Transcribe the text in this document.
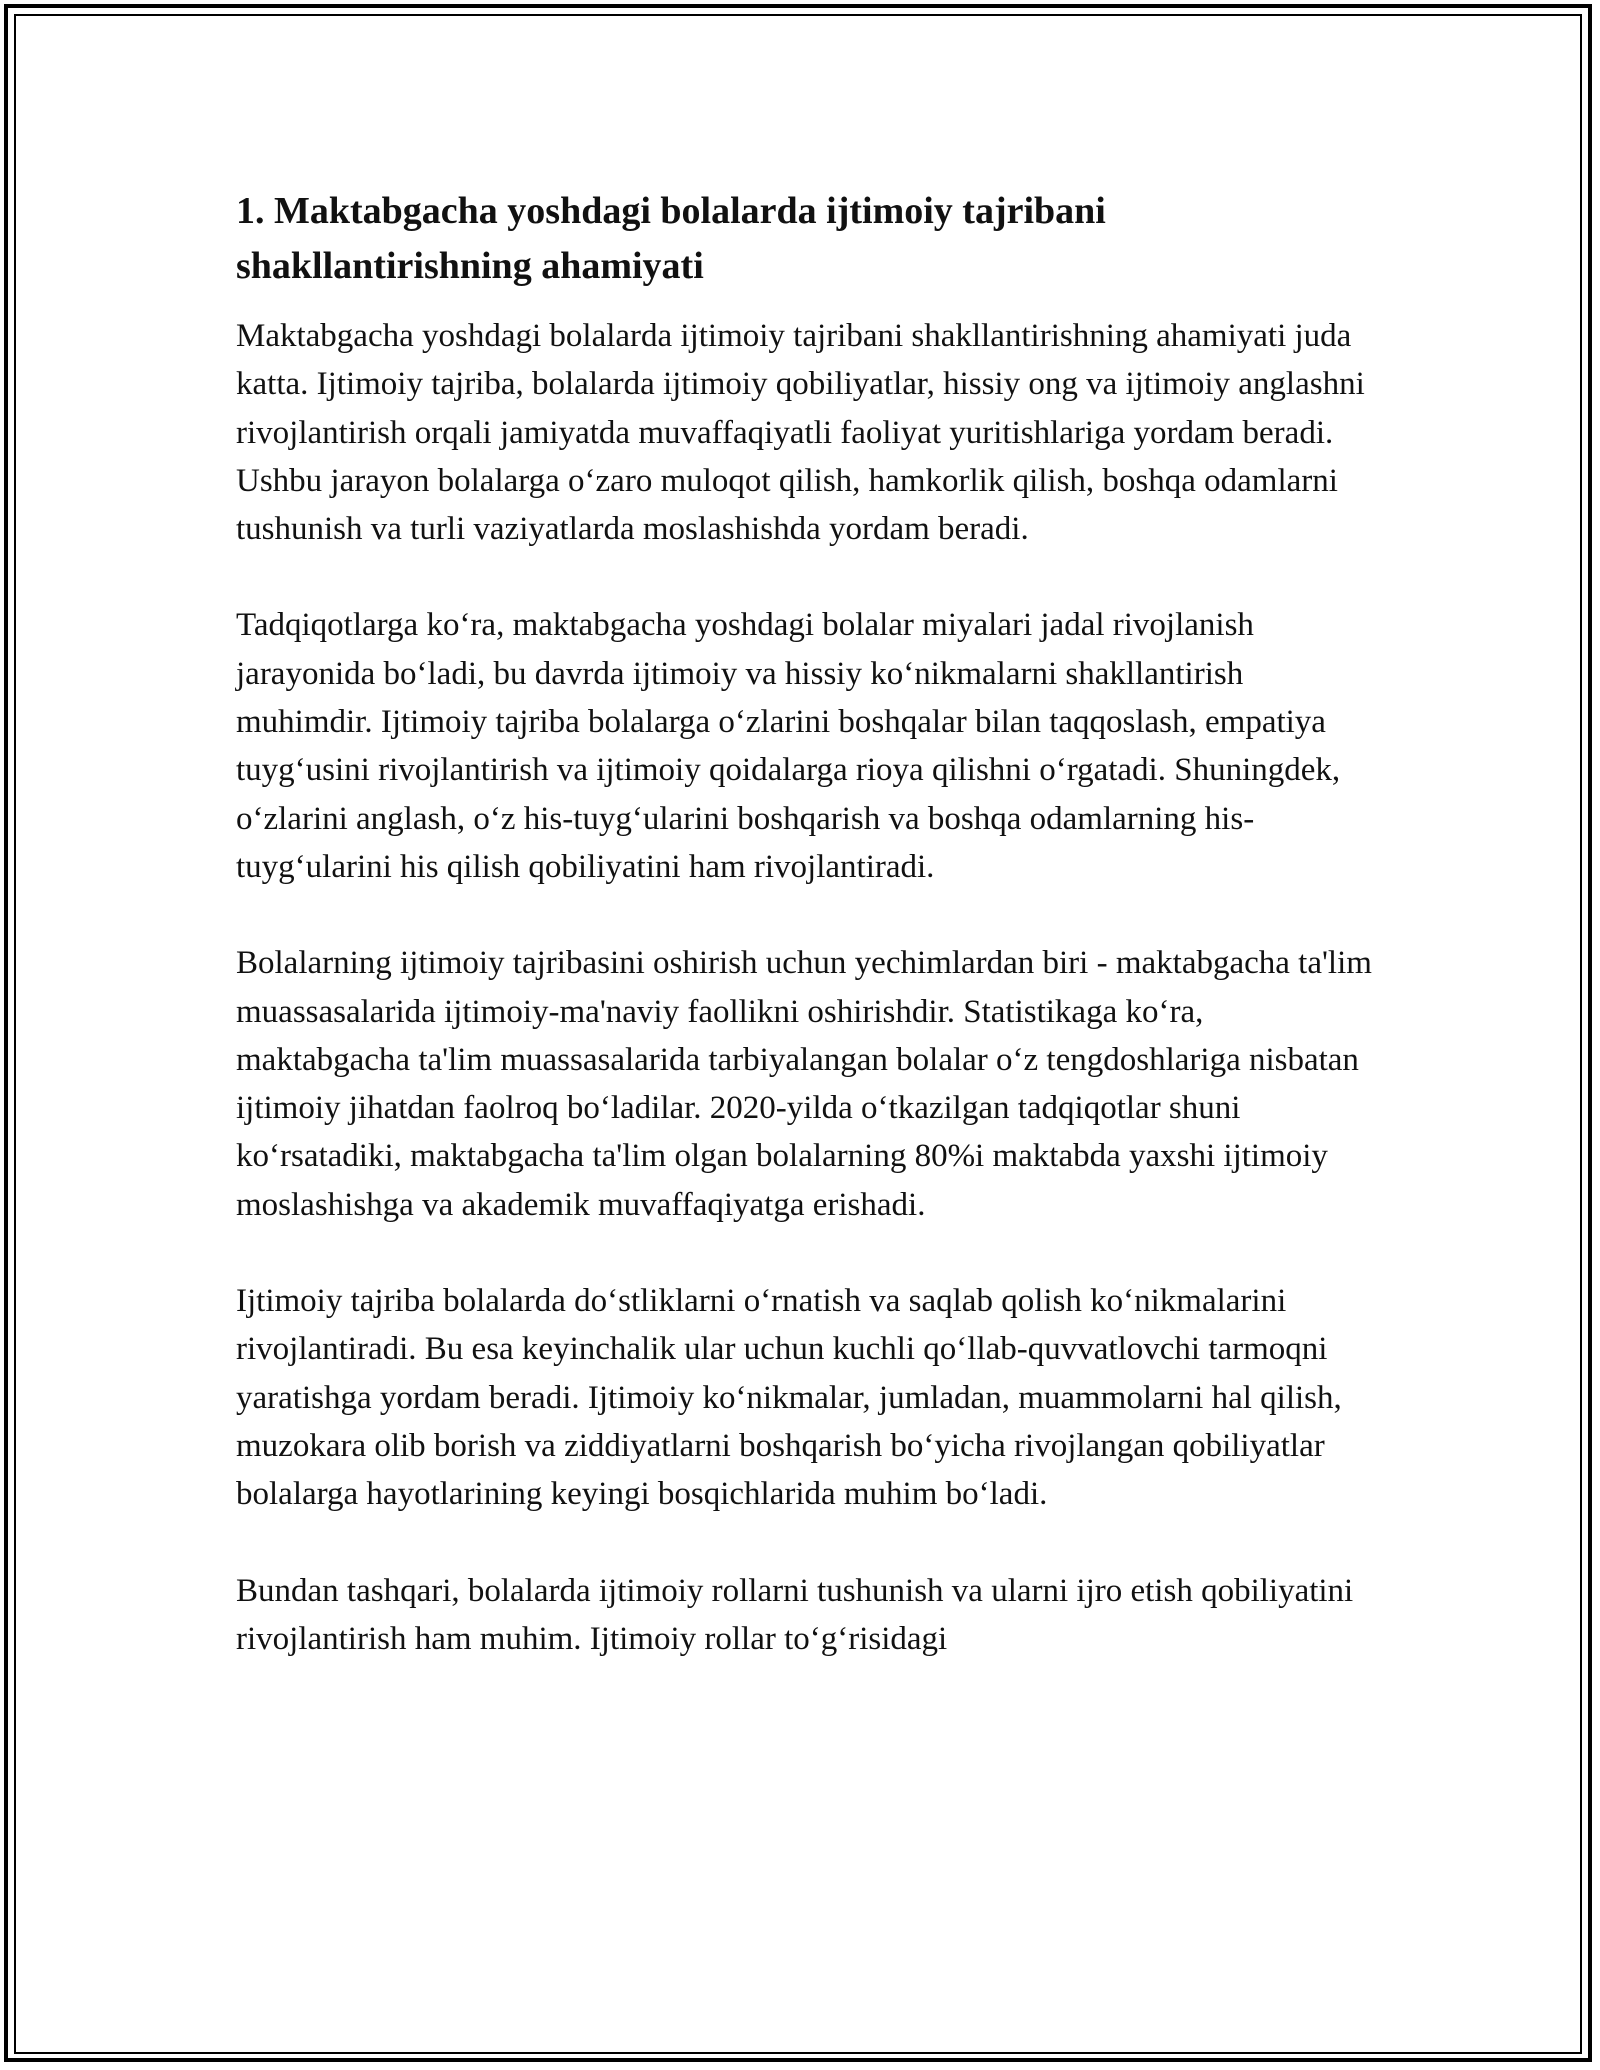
1. Maktabgacha yoshdagi bolalarda ijtimoiy tajribani
shakllantirishning ahamiyati

Maktabgacha yoshdagi bolalarda ijtimoiy tajribani shakllantirishning ahamiyati juda katta. Ijtimoiy tajriba, bolalarda ijtimoiy qobiliyatlar, hissiy ong va ijtimoiy anglashni rivojlantirish orqali jamiyatda muvaffaqiyatli faoliyat yuritishlariga yordam beradi. Ushbu jarayon bolalarga o‘zaro muloqot qilish, hamkorlik qilish, boshqa odamlarni tushunish va turli vaziyatlarda moslashishda yordam beradi.

Tadqiqotlarga ko‘ra, maktabgacha yoshdagi bolalar miyalari jadal rivojlanish jarayonida bo‘ladi, bu davrda ijtimoiy va hissiy ko‘nikmalarni shakllantirish muhimdir. Ijtimoiy tajriba bolalarga o‘zlarini boshqalar bilan taqqoslash, empatiya tuyg‘usini rivojlantirish va ijtimoiy qoidalarga rioya qilishni o‘rgatadi. Shuningdek, o‘zlarini anglash, o‘z his-tuyg‘ularini boshqarish va boshqa odamlarning his-tuyg‘ularini his qilish qobiliyatini ham rivojlantiradi.

Bolalarning ijtimoiy tajribasini oshirish uchun yechimlardan biri - maktabgacha ta'lim muassasalarida ijtimoiy-ma'naviy faollikni oshirishdir. Statistikaga ko‘ra, maktabgacha ta'lim muassasalarida tarbiyalangan bolalar o‘z tengdoshlariga nisbatan ijtimoiy jihatdan faolroq bo‘ladilar. 2020-yilda o‘tkazilgan tadqiqotlar shuni ko‘rsatadiki, maktabgacha ta'lim olgan bolalarning 80%i maktabda yaxshi ijtimoiy moslashishga va akademik muvaffaqiyatga erishadi.

Ijtimoiy tajriba bolalarda do‘stliklarni o‘rnatish va saqlab qolish ko‘nikmalarini rivojlantiradi. Bu esa keyinchalik ular uchun kuchli qo‘llab-quvvatlovchi tarmoqni yaratishga yordam beradi. Ijtimoiy ko‘nikmalar, jumladan, muammolarni hal qilish, muzokara olib borish va ziddiyatlarni boshqarish bo‘yicha rivojlangan qobiliyatlar bolalarga hayotlarining keyingi bosqichlarida muhim bo‘ladi.

Bundan tashqari, bolalarda ijtimoiy rollarni tushunish va ularni ijro etish qobiliyatini rivojlantirish ham muhim. Ijtimoiy rollar to‘g‘risidagi
